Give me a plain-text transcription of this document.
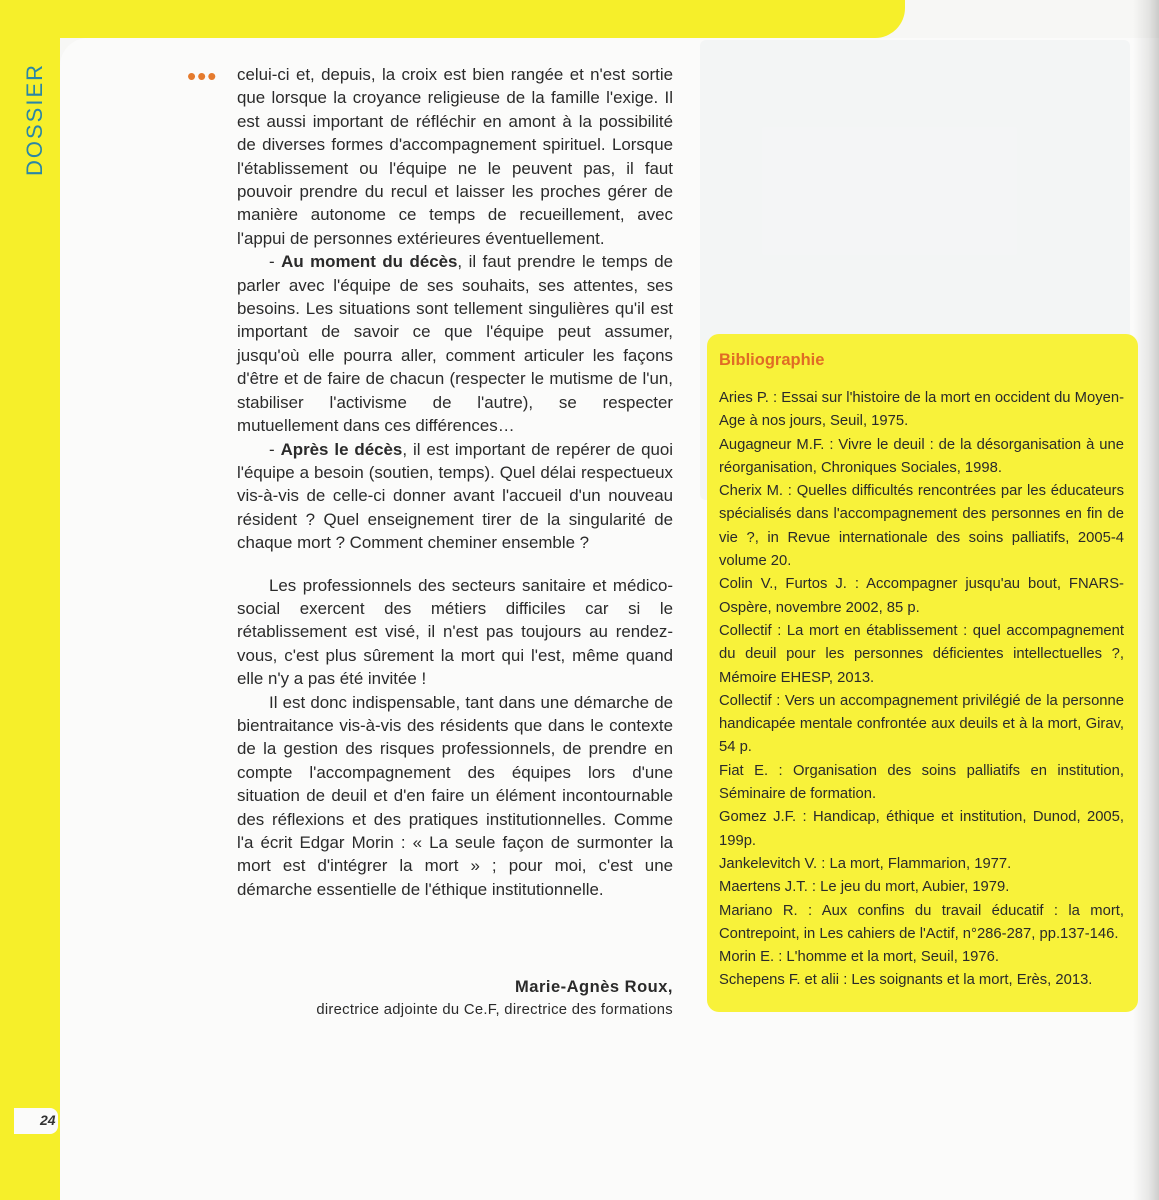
DOSSIER	••• celui-ci et, depuis, la croix est bien rangée et n'est sortie que lorsque la croyance religieuse de la famille l'exige. Il est aussi important de réfléchir en amont à la possibilité de diverses formes d'accompagnement spirituel. Lorsque l'établissement ou l'équipe ne le peuvent pas, il faut pouvoir prendre du recul et laisser les proches gérer de manière autonome ce temps de recueillement, avec l'appui de personnes extérieures éventuellement.

- Au moment du décès, il faut prendre le temps de parler avec l'équipe de ses souhaits, ses attentes, ses besoins. Les situations sont tellement singulières qu'il est important de savoir ce que l'équipe peut assumer, jusqu'où elle pourra aller, comment articuler les façons d'être et de faire de chacun (respecter le mutisme de l'un, stabiliser l'activisme de l'autre), se respecter mutuellement dans ces différences…

- Après le décès, il est important de repérer de quoi l'équipe a besoin (soutien, temps). Quel délai respectueux vis-à-vis de celle-ci donner avant l'accueil d'un nouveau résident ? Quel enseignement tirer de la singularité de chaque mort ? Comment cheminer ensemble ?

Les professionnels des secteurs sanitaire et médico-social exercent des métiers difficiles car si le rétablissement est visé, il n'est pas toujours au rendez-vous, c'est plus sûrement la mort qui l'est, même quand elle n'y a pas été invitée !

Il est donc indispensable, tant dans une démarche de bientraitance vis-à-vis des résidents que dans le contexte de la gestion des risques professionnels, de prendre en compte l'accompagnement des équipes lors d'une situation de deuil et d'en faire un élément incontournable des réflexions et des pratiques institutionnelles. Comme l'a écrit Edgar Morin : « La seule façon de surmonter la mort est d'intégrer la mort » ; pour moi, c'est une démarche essentielle de l'éthique institutionnelle.

Marie-Agnès Roux,
directrice adjointe du Ce.F, directrice des formations
Bibliographie
Aries P. : Essai sur l'histoire de la mort en occident du Moyen-Age à nos jours, Seuil, 1975.
Augagneur M.F. : Vivre le deuil : de la désorganisation à une réorganisation, Chroniques Sociales, 1998.
Cherix M. : Quelles difficultés rencontrées par les éducateurs spécialisés dans l'accompagnement des personnes en fin de vie ?, in Revue internationale des soins palliatifs, 2005-4 volume 20.
Colin V., Furtos J. : Accompagner jusqu'au bout, FNARS-Ospère, novembre 2002, 85 p.
Collectif : La mort en établissement : quel accompagnement du deuil pour les personnes déficientes intellectuelles ?, Mémoire EHESP, 2013.
Collectif : Vers un accompagnement privilégié de la personne handicapée mentale confrontée aux deuils et à la mort, Girav, 54 p.
Fiat E. : Organisation des soins palliatifs en institution, Séminaire de formation.
Gomez J.F. : Handicap, éthique et institution, Dunod, 2005, 199p.
Jankelevitch V. : La mort, Flammarion, 1977.
Maertens J.T. : Le jeu du mort, Aubier, 1979.
Mariano R. : Aux confins du travail éducatif : la mort, Contrepoint, in Les cahiers de l'Actif, n°286-287, pp.137-146.
Morin E. : L'homme et la mort, Seuil, 1976.
Schepens F. et alii : Les soignants et la mort, Erès, 2013.
24
